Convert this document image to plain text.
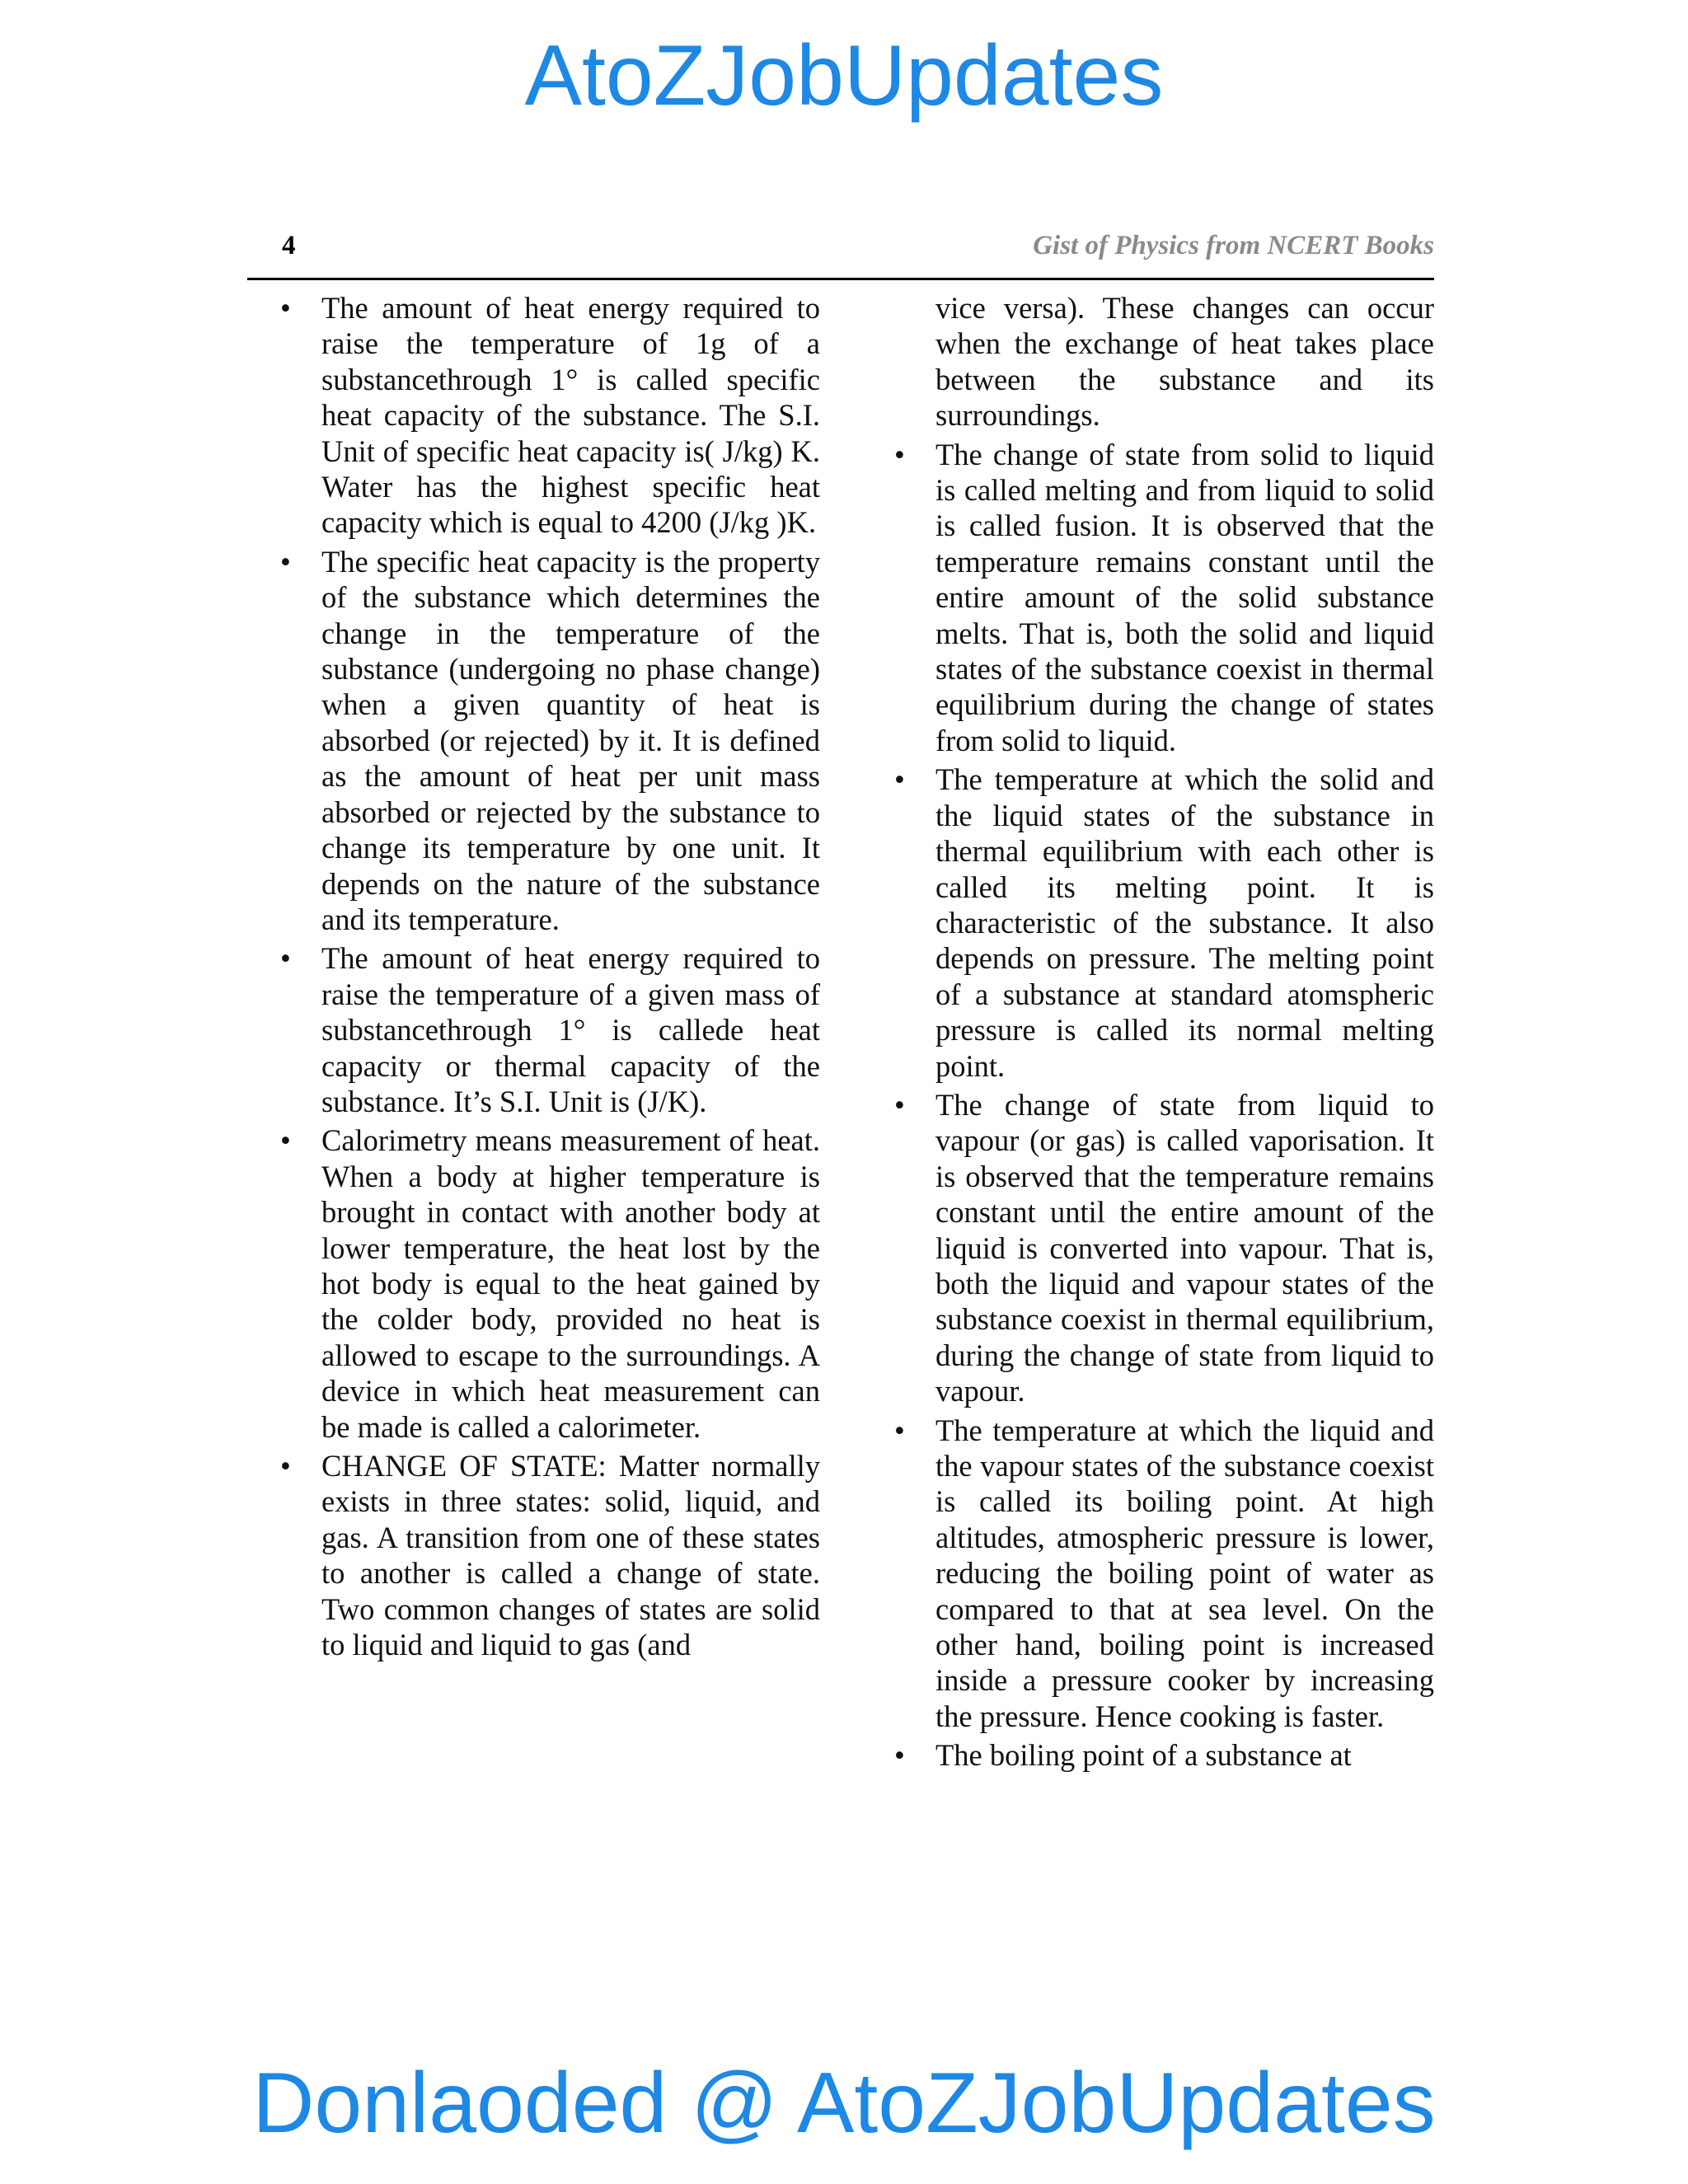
AtoZJobUpdates
4	Gist of Physics from NCERT Books
• The amount of heat energy required to raise the temperature of 1g of a substancethrough 1° is called specific heat capacity of the substance. The S.I. Unit of specific heat capacity is( J/kg) K. Water has the highest specific heat capacity which is equal to 4200 (J/kg )K.
• The specific heat capacity is the property of the substance which determines the change in the temperature of the substance (undergoing no phase change) when a given quantity of heat is absorbed (or rejected) by it. It is defined as the amount of heat per unit mass absorbed or rejected by the substance to change its temperature by one unit. It depends on the nature of the substance and its temperature.
• The amount of heat energy required to raise the temperature of a given mass of substancethrough 1° is callede heat capacity or thermal capacity of the substance. It’s S.I. Unit is (J/K).
• Calorimetry means measurement of heat. When a body at higher temperature is brought in contact with another body at lower temperature, the heat lost by the hot body is equal to the heat gained by the colder body, provided no heat is allowed to escape to the surroundings. A device in which heat measurement can be made is called a calorimeter.
• CHANGE OF STATE: Matter normally exists in three states: solid, liquid, and gas. A transition from one of these states to another is called a change of state. Two common changes of states are solid to liquid and liquid to gas (and
vice versa). These changes can occur when the exchange of heat takes place between the substance and its surroundings.
• The change of state from solid to liquid is called melting and from liquid to solid is called fusion. It is observed that the temperature remains constant until the entire amount of the solid substance melts. That is, both the solid and liquid states of the substance coexist in thermal equilibrium during the change of states from solid to liquid.
• The temperature at which the solid and the liquid states of the substance in thermal equilibrium with each other is called its melting point. It is characteristic of the substance. It also depends on pressure. The melting point of a substance at standard atomspheric pressure is called its normal melting point.
• The change of state from liquid to vapour (or gas) is called vaporisation. It is observed that the temperature remains constant until the entire amount of the liquid is converted into vapour. That is, both the liquid and vapour states of the substance coexist in thermal equilibrium, during the change of state from liquid to vapour.
• The temperature at which the liquid and the vapour states of the substance coexist is called its boiling point. At high altitudes, atmospheric pressure is lower, reducing the boiling point of water as compared to that at sea level. On the other hand, boiling point is increased inside a pressure cooker by increasing the pressure. Hence cooking is faster.
• The boiling point of a substance at
Donlaoded @ AtoZJobUpdates
